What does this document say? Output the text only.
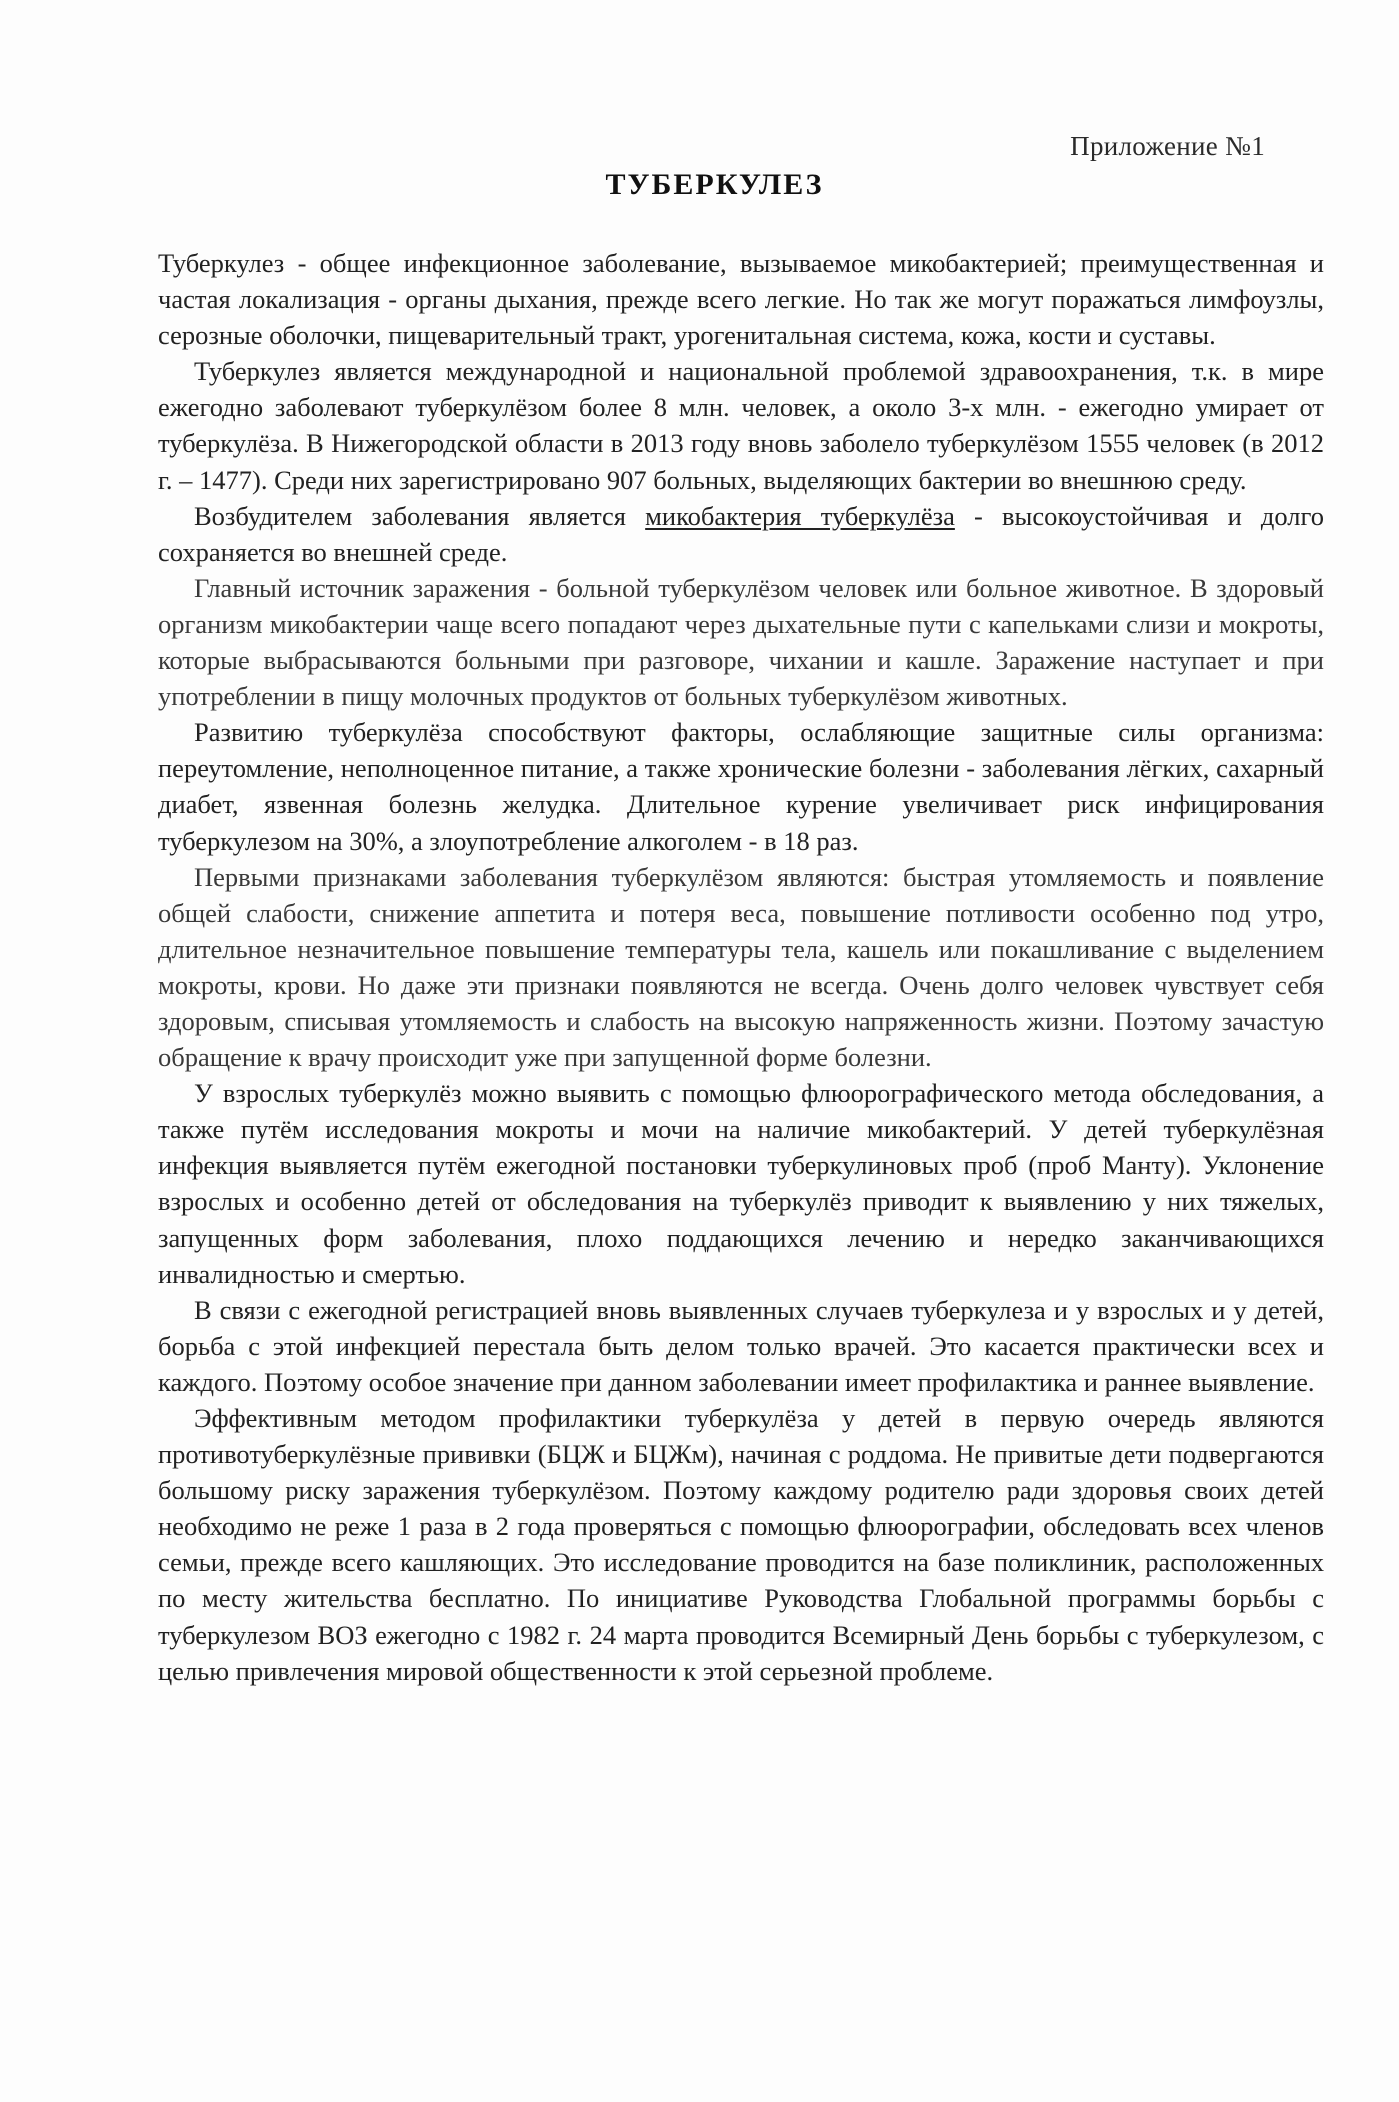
Приложение №1
ТУБЕРКУЛЕЗ

Туберкулез - общее инфекционное заболевание, вызываемое микобактерией; преимущественная и частая локализация - органы дыхания, прежде всего легкие. Но так же могут поражаться лимфоузлы, серозные оболочки, пищеварительный тракт, урогенитальная система, кожа, кости и суставы.

Туберкулез является международной и национальной проблемой здравоохранения, т.к. в мире ежегодно заболевают туберкулёзом более 8 млн. человек, а около 3-х млн. - ежегодно умирает от туберкулёза. В Нижегородской области в 2013 году вновь заболело туберкулёзом 1555 человек (в 2012 г. – 1477). Среди них зарегистрировано 907 больных, выделяющих бактерии во внешнюю среду.

Возбудителем заболевания является микобактерия туберкулёза - высокоустойчивая и долго сохраняется во внешней среде.

Главный источник заражения - больной туберкулёзом человек или больное животное. В здоровый организм микобактерии чаще всего попадают через дыхательные пути с капельками слизи и мокроты, которые выбрасываются больными при разговоре, чихании и кашле. Заражение наступает и при употреблении в пищу молочных продуктов от больных туберкулёзом животных.

Развитию туберкулёза способствуют факторы, ослабляющие защитные силы организма: переутомление, неполноценное питание, а также хронические болезни - заболевания лёгких, сахарный диабет, язвенная болезнь желудка. Длительное курение увеличивает риск инфицирования туберкулезом на 30%, а злоупотребление алкоголем - в 18 раз.

Первыми признаками заболевания туберкулёзом являются: быстрая утомляемость и появление общей слабости, снижение аппетита и потеря веса, повышение потливости особенно под утро, длительное незначительное повышение температуры тела, кашель или покашливание с выделением мокроты, крови. Но даже эти признаки появляются не всегда. Очень долго человек чувствует себя здоровым, списывая утомляемость и слабость на высокую напряженность жизни. Поэтому зачастую обращение к врачу происходит уже при запущенной форме болезни.

У взрослых туберкулёз можно выявить с помощью флюорографического метода обследования, а также путём исследования мокроты и мочи на наличие микобактерий. У детей туберкулёзная инфекция выявляется путём ежегодной постановки туберкулиновых проб (проб Манту). Уклонение взрослых и особенно детей от обследования на туберкулёз приводит к выявлению у них тяжелых, запущенных форм заболевания, плохо поддающихся лечению и нередко заканчивающихся инвалидностью и смертью.

В связи с ежегодной регистрацией вновь выявленных случаев туберкулеза и у взрослых и у детей, борьба с этой инфекцией перестала быть делом только врачей. Это касается практически всех и каждого. Поэтому особое значение при данном заболевании имеет профилактика и раннее выявление.

Эффективным методом профилактики туберкулёза у детей в первую очередь являются противотуберкулёзные прививки (БЦЖ и БЦЖм), начиная с роддома. Не привитые дети подвергаются большому риску заражения туберкулёзом. Поэтому каждому родителю ради здоровья своих детей необходимо не реже 1 раза в 2 года проверяться с помощью флюорографии, обследовать всех членов семьи, прежде всего кашляющих. Это исследование проводится на базе поликлиник, расположенных по месту жительства бесплатно. По инициативе Руководства Глобальной программы борьбы с туберкулезом ВОЗ ежегодно с 1982 г. 24 марта проводится Всемирный День борьбы с туберкулезом, с целью привлечения мировой общественности к этой серьезной проблеме.
